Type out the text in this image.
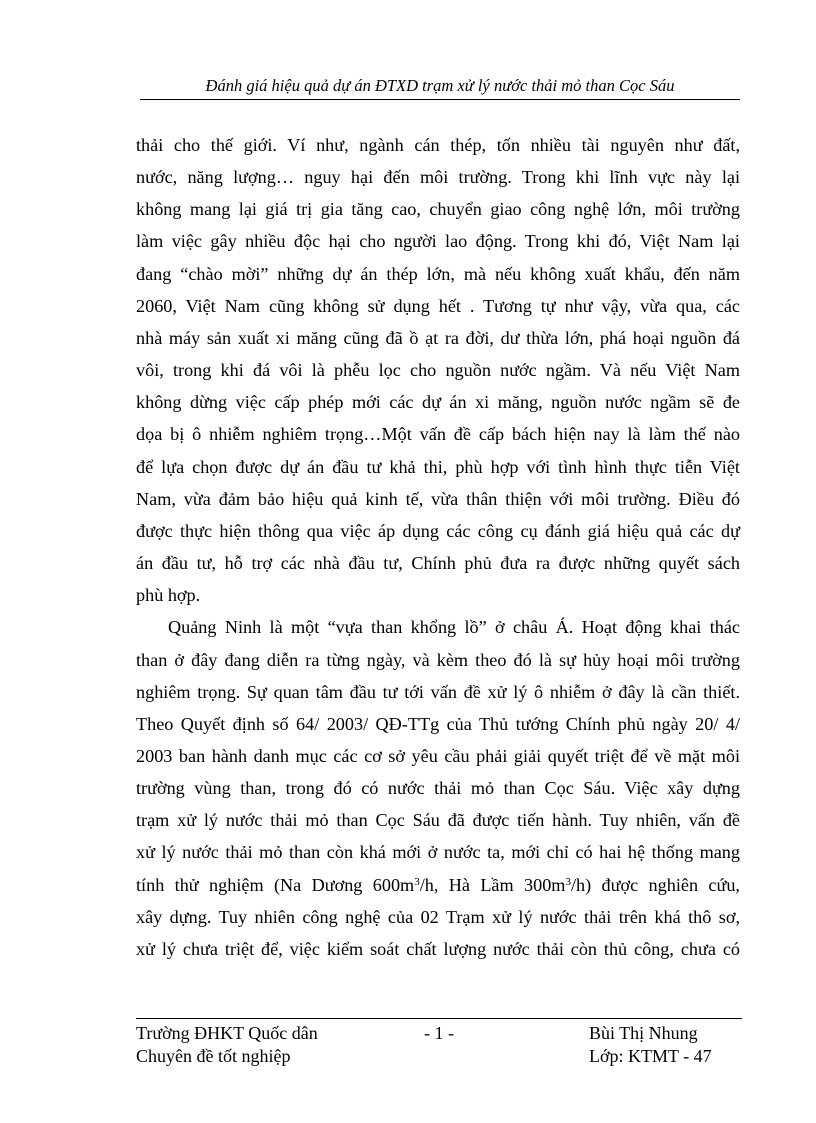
Đánh giá hiệu quả dự án ĐTXD trạm xử lý nước thải mỏ than Cọc Sáu

thải cho thế giới. Ví như, ngành cán thép, tốn nhiều tài nguyên như đất,
nước, năng lượng… nguy hại đến môi trường. Trong khi lĩnh vực này lại
không mang lại giá trị gia tăng cao, chuyển giao công nghệ lớn, môi trường
làm việc gây nhiều độc hại cho người lao động. Trong khi đó, Việt Nam lại
đang “chào mời” những dự án thép lớn, mà nếu không xuất khẩu, đến năm
2060, Việt Nam cũng không sử dụng hết . Tương tự như vậy, vừa qua, các
nhà máy sản xuất xi măng cũng đã ồ ạt ra đời, dư thừa lớn, phá hoại nguồn đá
vôi, trong khi đá vôi là phễu lọc cho nguồn nước ngầm. Và nếu Việt Nam
không dừng việc cấp phép mới các dự án xi măng, nguồn nước ngầm sẽ đe
dọa bị ô nhiễm nghiêm trọng…Một vấn đề cấp bách hiện nay là làm thế nào
để lựa chọn được dự án đầu tư khả thi, phù hợp với tình hình thực tiễn Việt
Nam, vừa đảm bảo hiệu quả kinh tế, vừa thân thiện với môi trường. Điều đó
được thực hiện thông qua việc áp dụng các công cụ đánh giá hiệu quả các dự
án đầu tư, hỗ trợ các nhà đầu tư, Chính phủ đưa ra được những quyết sách
phù hợp.

Quảng Ninh là một “vựa than khổng lồ” ở châu Á. Hoạt động khai thác
than ở đây đang diễn ra từng ngày, và kèm theo đó là sự hủy hoại môi trường
nghiêm trọng. Sự quan tâm đầu tư tới vấn đề xử lý ô nhiễm ở đây là cần thiết.
Theo Quyết định số 64/ 2003/ QĐ-TTg của Thủ tướng Chính phủ ngày 20/ 4/
2003 ban hành danh mục các cơ sở yêu cầu phải giải quyết triệt để về mặt môi
trường vùng than, trong đó có nước thải mỏ than Cọc Sáu. Việc xây dựng
trạm xử lý nước thải mỏ than Cọc Sáu đã được tiến hành. Tuy nhiên, vấn đề
xử lý nước thải mỏ than còn khá mới ở nước ta, mới chỉ có hai hệ thống mang
tính thử nghiệm (Na Dương $600m^3/h$, Hà Lầm $300m^3/h$) được nghiên cứu,
xây dựng. Tuy nhiên công nghệ của 02 Trạm xử lý nước thải trên khá thô sơ,
xử lý chưa triệt để, việc kiểm soát chất lượng nước thải còn thủ công, chưa có

Trường ĐHKT Quốc dân	- 1 -	Bùi Thị Nhung
Chuyên đề tốt nghiệp	Lớp: KTMT - 47
